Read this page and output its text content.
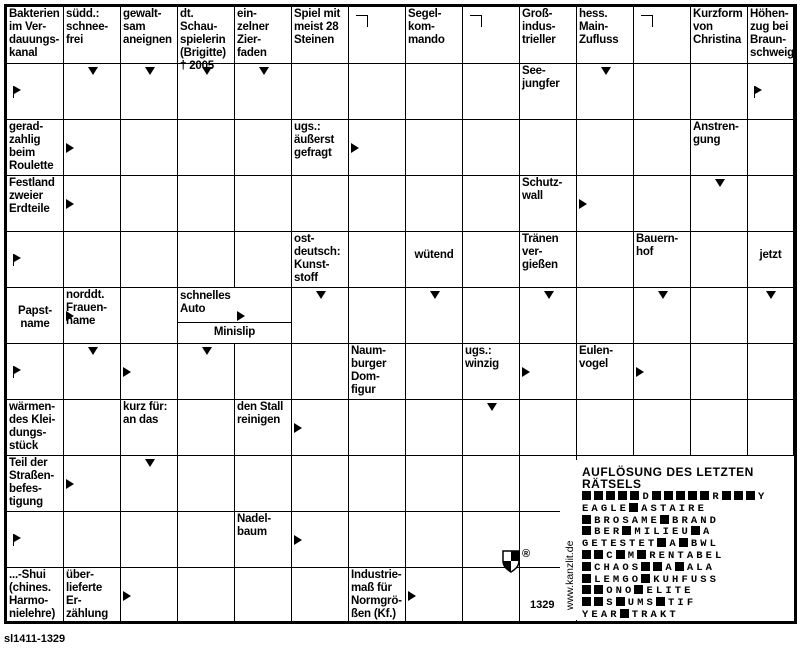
Bakterien
im Ver-
dauungs-
kanal
südd.:
schnee-
frei
gewalt-
sam
aneignen
dt. Schau-
spielerin
(Brigitte)
† 2005
ein-
zelner
Zier-
faden
Spiel mit
meist 28
Steinen
Segel-
kom-
mando
Groß-
indus-
trieller
hess.
Main-
Zufluss
Kurzform
von
Christina
Höhen-
zug bei
Braun-
schweig
See-
jungfer
gerad-
zahlig
beim
Roulette
ugs.:
äußerst
gefragt
Anstren-
gung
Festland
zweier
Erdteile
Schutz-
wall
ost-
deutsch:
Kunst-
stoff
wütend
Tränen
ver-
gießen
Bauern-
hof	jetzt
Papst-
name
norddt.
Frauen-
name
schnelles
Auto
Minislip
Naum-
burger
Dom-
figur
ugs.:
winzig
Eulen-
vogel
wärmen-
des Klei-
dungs-
stück
kurz für:
an das
den Stall
reinigen
Teil der
Straßen-
befes-
tigung
Nadel-
baum
...-Shui
(chines.
Harmo-
nielehre)
über-
lieferte
Er-
zählung
Industrie-
maß für
Normgrö-
ßen (Kf.)
AUFLÖSUNG DES LETZTEN RÄTSELS
D	R	Y
EAGLE ASTAIRE
BROSAME BRAND
BER MILIEU A
GETESTET A BWL
C M RENTABEL
CHAOS A ALA
LEMGO KUHFUSS
ONO ELITE
S UMS TIF
YEAR TRAKT
www.kanzlit.de
®
1329
sl1411-1329
